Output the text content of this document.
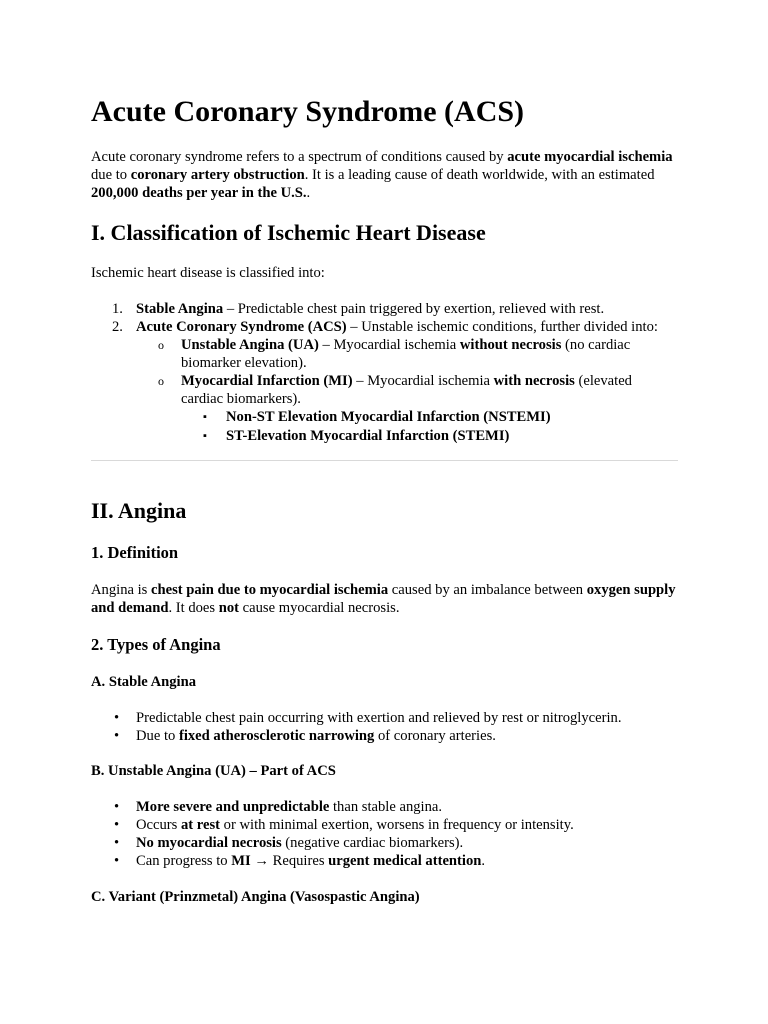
Acute Coronary Syndrome (ACS)

Acute coronary syndrome refers to a spectrum of conditions caused by acute myocardial ischemia due to coronary artery obstruction. It is a leading cause of death worldwide, with an estimated 200,000 deaths per year in the U.S..

I. Classification of Ischemic Heart Disease

Ischemic heart disease is classified into:

1. Stable Angina – Predictable chest pain triggered by exertion, relieved with rest.

2. Acute Coronary Syndrome (ACS) – Unstable ischemic conditions, further divided into:

o Unstable Angina (UA) – Myocardial ischemia without necrosis (no cardiac biomarker elevation).

o Myocardial Infarction (MI) – Myocardial ischemia with necrosis (elevated cardiac biomarkers).

▪ Non-ST Elevation Myocardial Infarction (NSTEMI)

▪ ST-Elevation Myocardial Infarction (STEMI)

II. Angina
1. Definition

Angina is chest pain due to myocardial ischemia caused by an imbalance between oxygen supply and demand. It does not cause myocardial necrosis.

2. Types of Angina
A. Stable Angina
• Predictable chest pain occurring with exertion and relieved by rest or nitroglycerin.

• Due to fixed atherosclerotic narrowing of coronary arteries.

B. Unstable Angina (UA) – Part of ACS
• More severe and unpredictable than stable angina.

• Occurs at rest or with minimal exertion, worsens in frequency or intensity.

• No myocardial necrosis (negative cardiac biomarkers).

• Can progress to MI → Requires urgent medical attention.

C. Variant (Prinzmetal) Angina (Vasospastic Angina)
